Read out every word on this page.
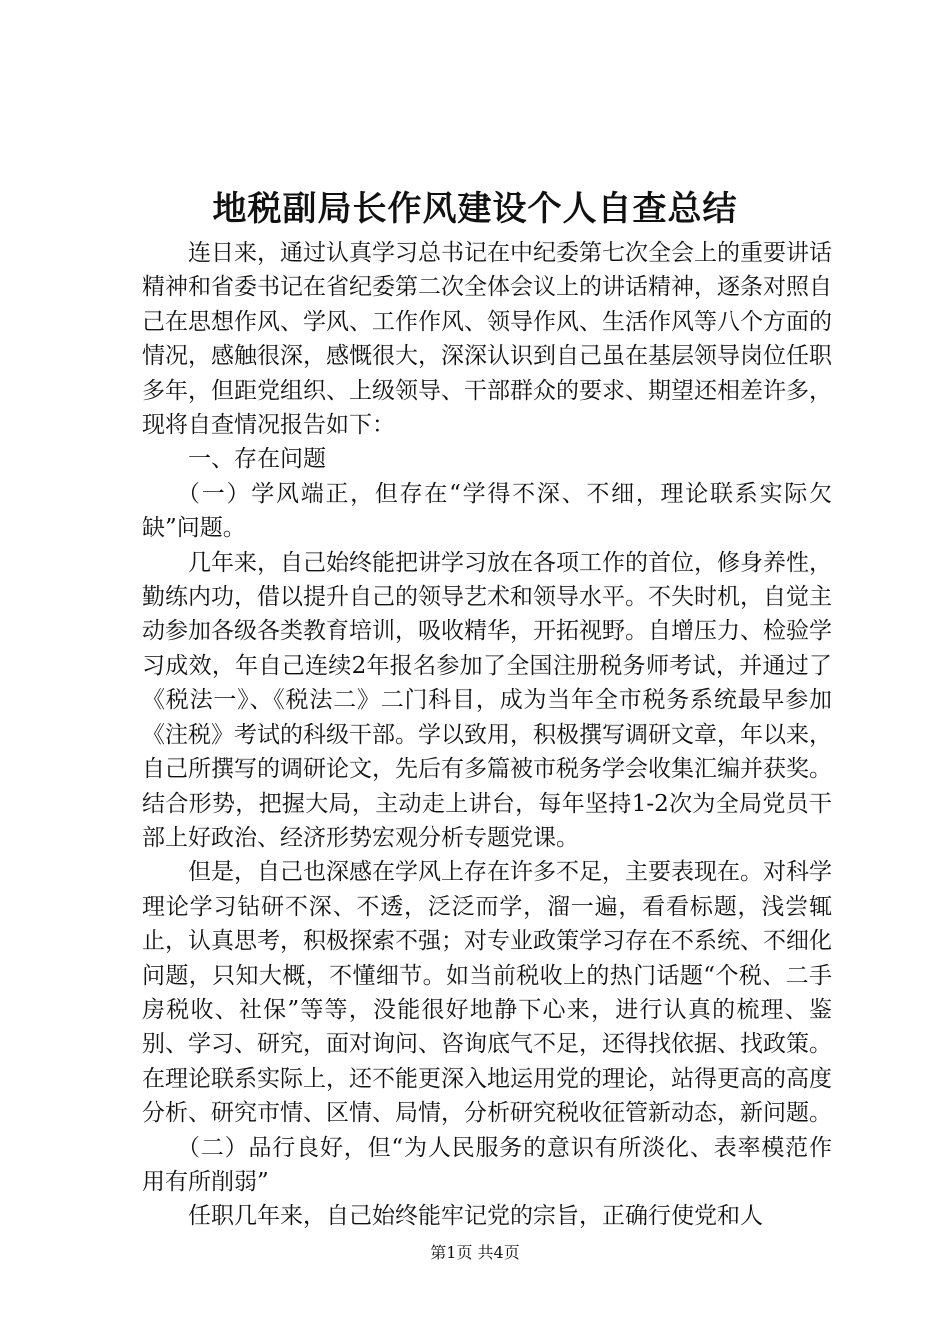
地税副局长作风建设个人自查总结

连日来，通过认真学习总书记在中纪委第七次全会上的重要讲话精神和省委书记在省纪委第二次全体会议上的讲话精神，逐条对照自己在思想作风、学风、工作作风、领导作风、生活作风等八个方面的情况，感触很深，感慨很大，深深认识到自己虽在基层领导岗位任职多年，但距党组织、上级领导、干部群众的要求、期望还相差许多，现将自查情况报告如下：

一、存在问题

（一）学风端正，但存在“学得不深、不细，理论联系实际欠缺”问题。

几年来，自己始终能把讲学习放在各项工作的首位，修身养性，勤练内功，借以提升自己的领导艺术和领导水平。不失时机，自觉主动参加各级各类教育培训，吸收精华，开拓视野。自增压力、检验学习成效，年自己连续2年报名参加了全国注册税务师考试，并通过了《税法一》、《税法二》二门科目，成为当年全市税务系统最早参加《注税》考试的科级干部。学以致用，积极撰写调研文章，年以来，自己所撰写的调研论文，先后有多篇被市税务学会收集汇编并获奖。结合形势，把握大局，主动走上讲台，每年坚持1-2次为全局党员干部上好政治、经济形势宏观分析专题党课。

但是，自己也深感在学风上存在许多不足，主要表现在。对科学理论学习钻研不深、不透，泛泛而学，溜一遍，看看标题，浅尝辄止，认真思考，积极探索不强；对专业政策学习存在不系统、不细化问题，只知大概，不懂细节。如当前税收上的热门话题“个税、二手房税收、社保”等等，没能很好地静下心来，进行认真的梳理、鉴别、学习、研究，面对询问、咨询底气不足，还得找依据、找政策。在理论联系实际上，还不能更深入地运用党的理论，站得更高的高度分析、研究市情、区情、局情，分析研究税收征管新动态，新问题。

（二）品行良好，但“为人民服务的意识有所淡化、表率模范作用有所削弱”

任职几年来，自己始终能牢记党的宗旨，正确行使党和人

第1页 共4页
